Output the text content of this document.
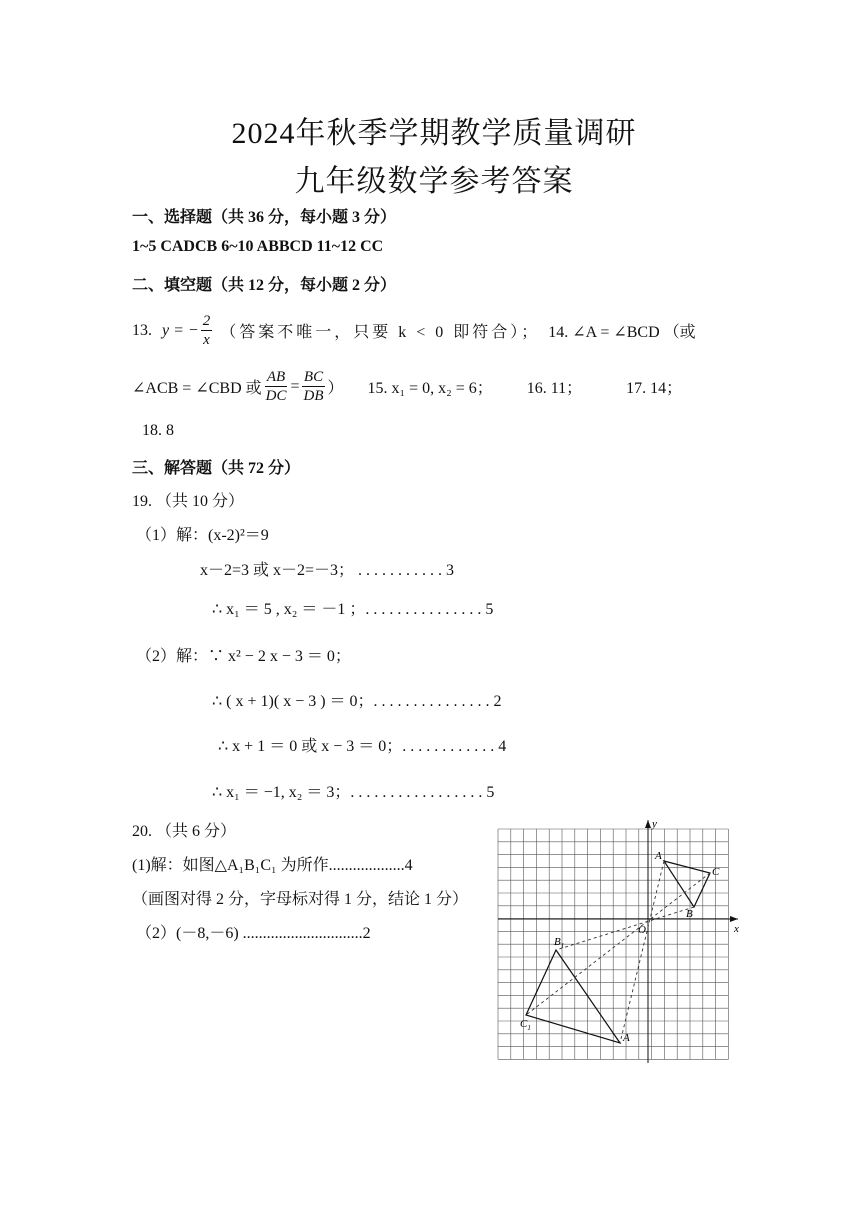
2024年秋季学期教学质量调研
九年级数学参考答案
一、选择题（共 36 分，每小题 3 分）
1~5 CADCB 6~10 ABBCD 11~12 CC
二、填空题（共 12 分，每小题 2 分）
13. y = − $\frac{2}{x}$ （答案不唯一，只要 k < 0 即符合）； 14. ∠A = ∠BCD （或
∠ACB = ∠CBD 或 $\frac{AB}{DC} = \frac{BC}{DB}$ ） 15. x₁ = 0, x₂ = 6； 16. 11；	17. 14；
18. 8
三、解答题（共 72 分）
19. （共 10 分）
（1）解：(x-2)²＝9
x－2=3 或 x－2=－3； . . . . . . . . . . . 3
∴ x₁ ＝ 5 , x₂ ＝ －1 ；. . . . . . . . . . . . . . . 5
（2）解：∵ x² − 2 x − 3 ＝ 0；
∴ ( x + 1)( x − 3 ) ＝ 0；. . . . . . . . . . . . . . . 2
∴ x + 1 ＝ 0 或 x − 3 ＝ 0；. . . . . . . . . . . . 4
∴ x₁ ＝ −1, x₂ ＝ 3；. . . . . . . . . . . . . . . . . 5
20. （共 6 分）
(1)解：如图△A₁B₁C₁ 为所作...................4
（画图对得 2 分，字母标对得 1 分，结论 1 分）
（2）(－8,－6) ..............................2	x
y
O
A
C
B
$B_1$
$C_1$
A
